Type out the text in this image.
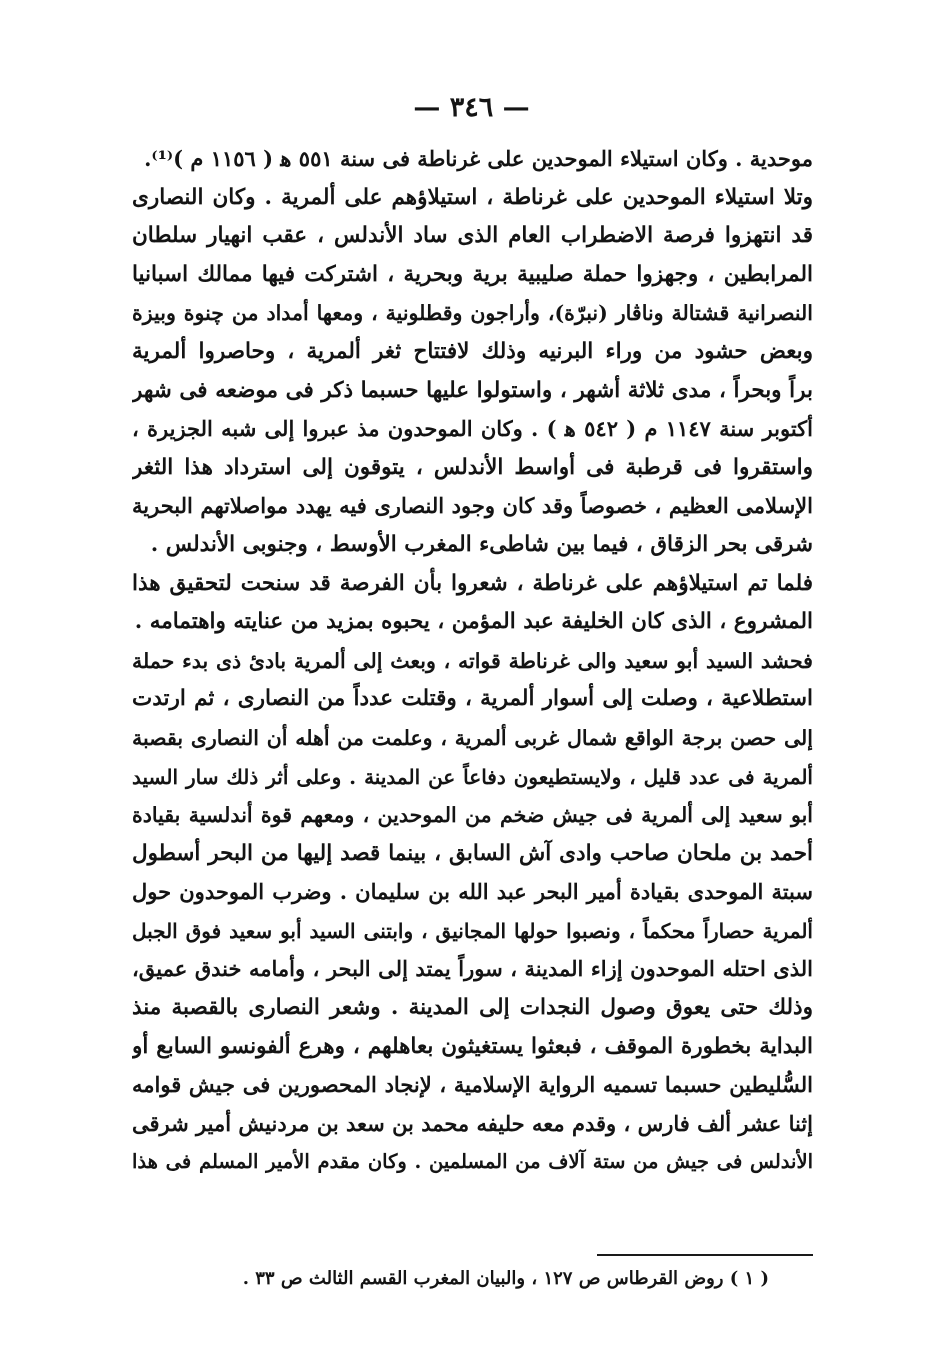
— ٣٤٦ —
موحدية . وكان استيلاء الموحدين على غرناطة فى سنة ٥٥١ ﻫ ( ١١٥٦ م )⁽¹⁾.
وتلا استيلاء الموحدين على غرناطة ، استيلاؤهم على ألمرية . وكان النصارى
قد انتهزوا فرصة الاضطراب العام الذى ساد الأندلس ، عقب انهيار سلطان
المرابطين ، وجهزوا حملة صليبية برية وبحرية ، اشتركت فيها ممالك اسبانيا
النصرانية قشتالة وناڤار (نبرّة)، وأراجون وقطلونية ، ومعها أمداد من چنوة وبيزة
وبعض حشود من وراء البرنيه وذلك لافتتاح ثغر ألمرية ، وحاصروا ألمرية
براً وبحراً ، مدى ثلاثة أشهر ، واستولوا عليها حسبما ذكر فى موضعه فى شهر
أكتوبر سنة ١١٤٧ م ( ٥٤٢ ﻫ ) . وكان الموحدون مذ عبروا إلى شبه الجزيرة ،
واستقروا فى قرطبة فى أواسط الأندلس ، يتوقون إلى استرداد هذا الثغر
الإسلامى العظيم ، خصوصاً وقد كان وجود النصارى فيه يهدد مواصلاتهم البحرية
شرقى بحر الزقاق ، فيما بين شاطىء المغرب الأوسط ، وجنوبى الأندلس .
فلما تم استيلاؤهم على غرناطة ، شعروا بأن الفرصة قد سنحت لتحقيق هذا
المشروع ، الذى كان الخليفة عبد المؤمن ، يحبوه بمزيد من عنايته واهتمامه .
فحشد السيد أبو سعيد والى غرناطة قواته ، وبعث إلى ألمرية بادئ ذى بدء حملة
استطلاعية ، وصلت إلى أسوار ألمرية ، وقتلت عدداً من النصارى ، ثم ارتدت
إلى حصن برجة الواقع شمال غربى ألمرية ، وعلمت من أهله أن النصارى بقصبة
ألمرية فى عدد قليل ، ولايستطيعون دفاعاً عن المدينة . وعلى أثر ذلك سار السيد
أبو سعيد إلى ألمرية فى جيش ضخم من الموحدين ، ومعهم قوة أندلسية بقيادة
أحمد بن ملحان صاحب وادى آش السابق ، بينما قصد إليها من البحر أسطول
سبتة الموحدى بقيادة أمير البحر عبد الله بن سليمان . وضرب الموحدون حول
ألمرية حصاراً محكماً ، ونصبوا حولها المجانيق ، وابتنى السيد أبو سعيد فوق الجبل
الذى احتله الموحدون إزاء المدينة ، سوراً يمتد إلى البحر ، وأمامه خندق عميق،
وذلك حتى يعوق وصول النجدات إلى المدينة . وشعر النصارى بالقصبة منذ
البداية بخطورة الموقف ، فبعثوا يستغيثون بعاهلهم ، وهرع ألفونسو السابع أو
السُّليطين حسبما تسميه الرواية الإسلامية ، لإنجاد المحصورين فى جيش قوامه
إثنا عشر ألف فارس ، وقدم معه حليفه محمد بن سعد بن مردنيش أمير شرقى
الأندلس فى جيش من ستة آلاف من المسلمين . وكان مقدم الأمير المسلم فى هذا
( ١ ) روض القرطاس ص ١٢٧ ، والبيان المغرب القسم الثالث ص ٣٣ .
